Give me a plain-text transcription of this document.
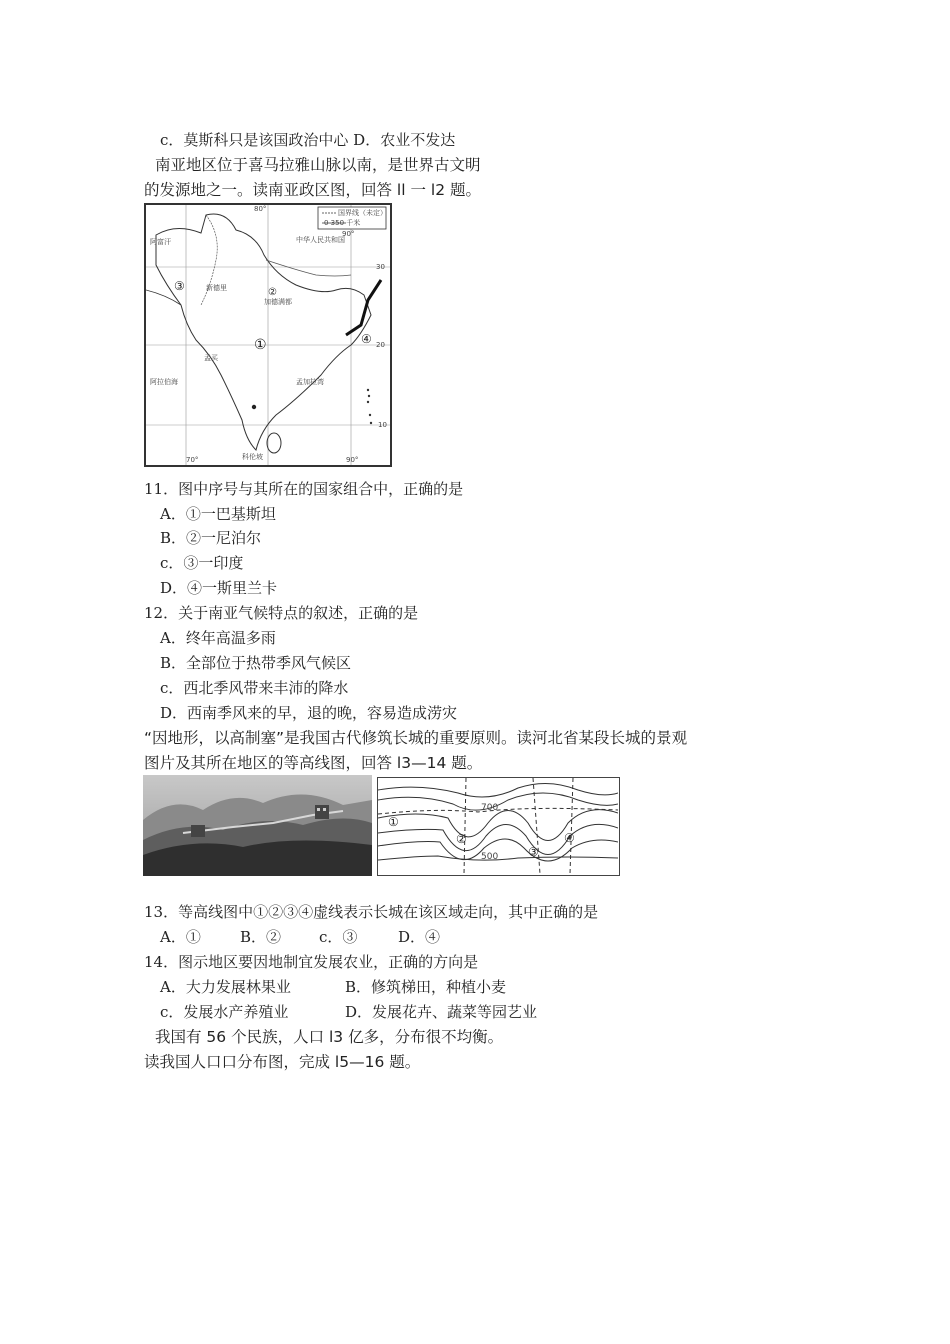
c．莫斯科只是该国政治中心 D．农业不发达
南亚地区位于喜马拉雅山脉以南，是世界古文明
的发源地之一。读南亚政区图，回答 ll 一 l2 题。
国界线（未定）
0 350 千米
80°
90°
70°	90°
30
20
10
①
②
③
④
阿富汗	中华人民共和国
阿拉伯海	孟加拉湾
科伦坡
加德满都
孟买
新德里
11．图中序号与其所在的国家组合中，正确的是
A．①一巴基斯坦
B．②一尼泊尔
c．③一印度
D．④一斯里兰卡
12．关于南亚气候特点的叙述，正确的是
A．终年高温多雨
B．全部位于热带季风气候区
c．西北季风带来丰沛的降水
D．西南季风来的早，退的晚，容易造成涝灾
“因地形，以高制塞”是我国古代修筑长城的重要原则。读河北省某段长城的景观
图片及其所在地区的等高线图，回答 l3—14 题。
700
500
①
②
③
④
13．等高线图中①②③④虚线表示长城在该区域走向，其中正确的是
A．①	B．②	c．③	D．④
14．图示地区要因地制宜发展农业，正确的方向是
A．大力发展林果业	B．修筑梯田，种植小麦
c．发展水产养殖业	D．发展花卉、蔬菜等园艺业
我国有 56 个民族，人口 l3 亿多，分布很不均衡。
读我国人口口分布图，完成 l5—16 题。
